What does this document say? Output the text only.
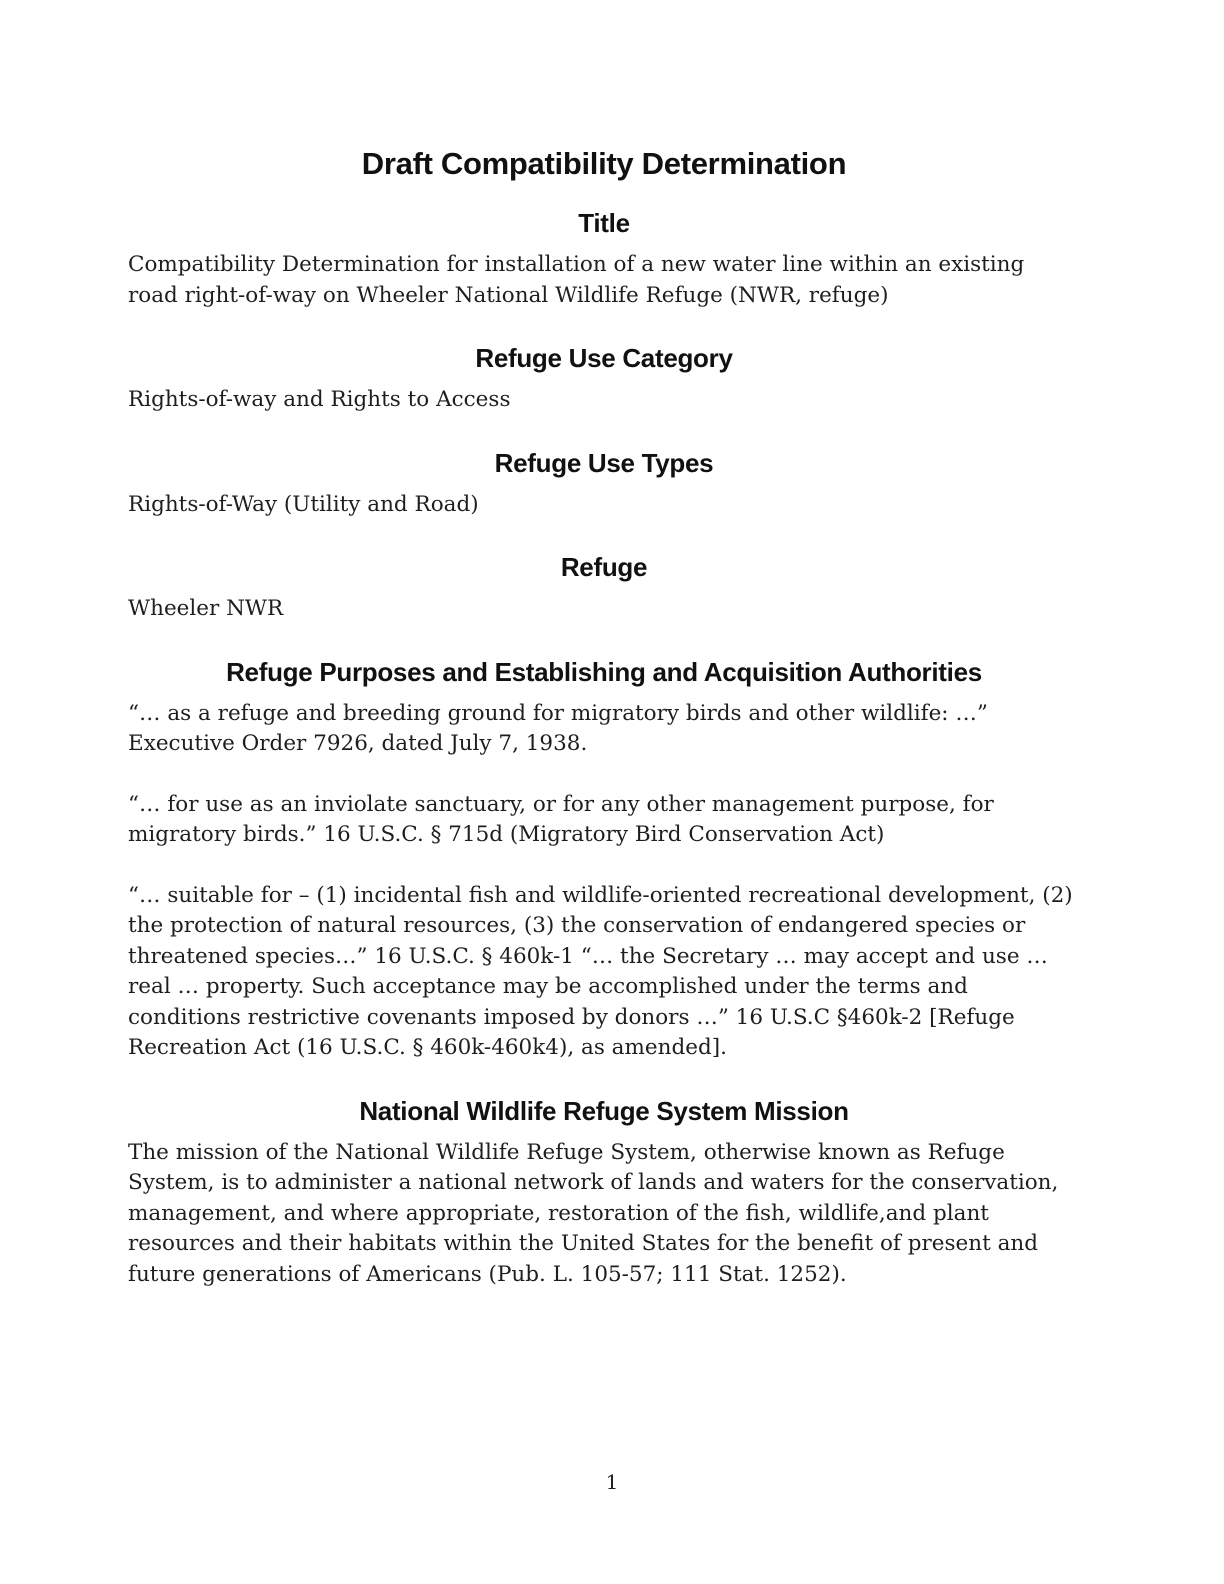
Draft Compatibility Determination
Title

Compatibility Determination for installation of a new water line within an existing road right-of-way on Wheeler National Wildlife Refuge (NWR, refuge)

Refuge Use Category

Rights-of-way and Rights to Access

Refuge Use Types

Rights-of-Way (Utility and Road)

Refuge

Wheeler NWR

Refuge Purposes and Establishing and Acquisition Authorities

“… as a refuge and breeding ground for migratory birds and other wildlife: …” Executive Order 7926, dated July 7, 1938.

“… for use as an inviolate sanctuary, or for any other management purpose, for migratory birds.” 16 U.S.C. § 715d (Migratory Bird Conservation Act)

“… suitable for – (1) incidental fish and wildlife-oriented recreational development, (2) the protection of natural resources, (3) the conservation of endangered species or threatened species…” 16 U.S.C. § 460k-1 “… the Secretary … may accept and use …real … property. Such acceptance may be accomplished under the terms and conditions restrictive covenants imposed by donors …” 16 U.S.C §460k-2 [Refuge Recreation Act (16 U.S.C. § 460k-460k4), as amended].

National Wildlife Refuge System Mission

The mission of the National Wildlife Refuge System, otherwise known as Refuge System, is to administer a national network of lands and waters for the conservation, management, and where appropriate, restoration of the fish, wildlife,and plant resources and their habitats within the United States for the benefit of present and future generations of Americans (Pub. L. 105-57; 111 Stat. 1252).

1
